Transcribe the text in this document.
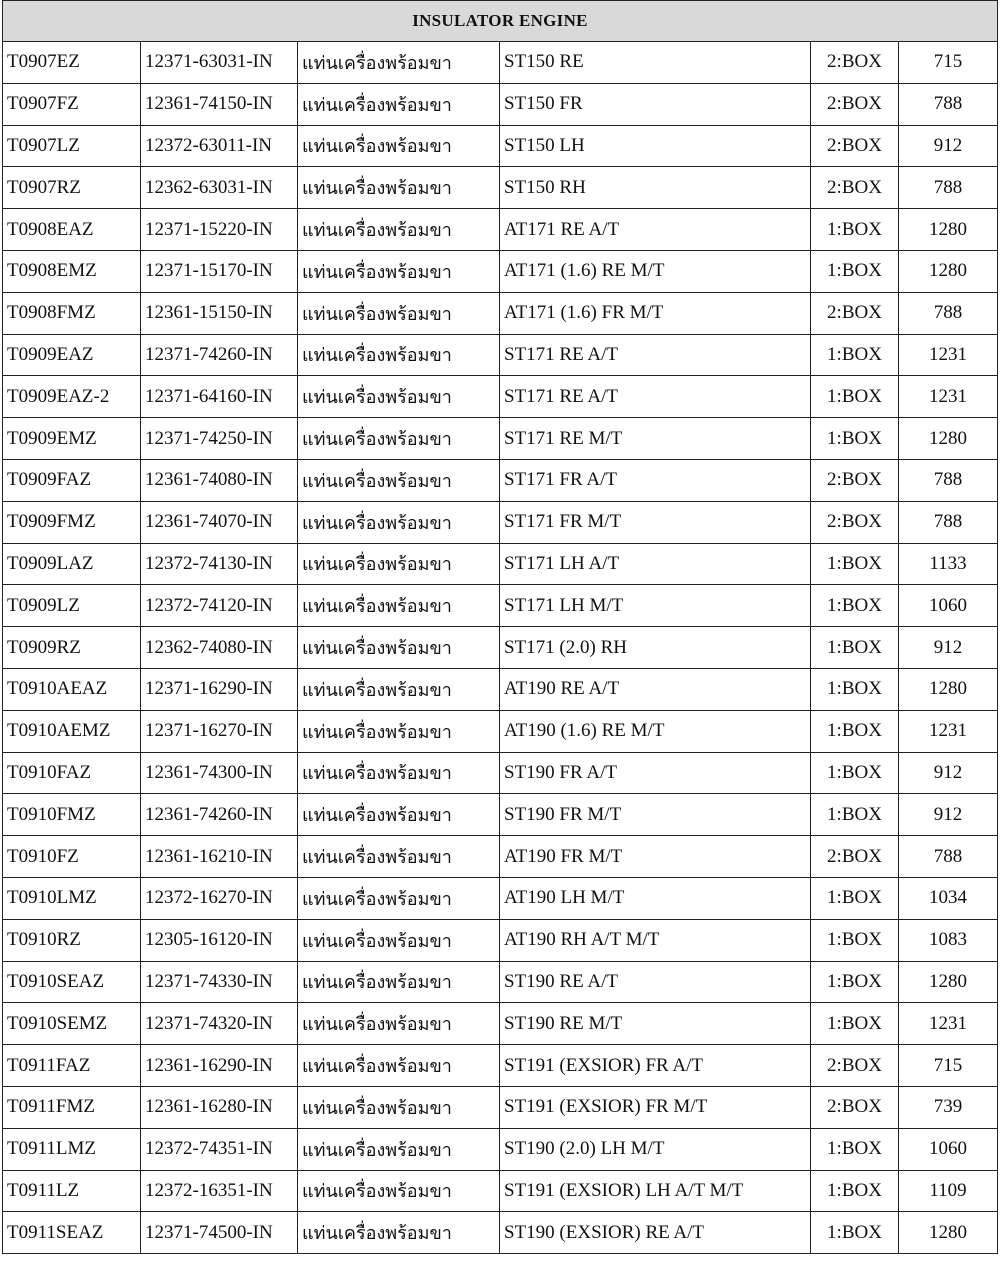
INSULATOR ENGINE					
T0907EZ	12371-63031-IN	แท่นเครื่องพร้อมขา	ST150 RE	2:BOX	715
T0907FZ	12361-74150-IN	แท่นเครื่องพร้อมขา	ST150 FR	2:BOX	788
T0907LZ	12372-63011-IN	แท่นเครื่องพร้อมขา	ST150 LH	2:BOX	912
T0907RZ	12362-63031-IN	แท่นเครื่องพร้อมขา	ST150 RH	2:BOX	788
T0908EAZ	12371-15220-IN	แท่นเครื่องพร้อมขา	AT171 RE A/T	1:BOX	1280
T0908EMZ	12371-15170-IN	แท่นเครื่องพร้อมขา	AT171 (1.6) RE M/T	1:BOX	1280
T0908FMZ	12361-15150-IN	แท่นเครื่องพร้อมขา	AT171 (1.6) FR M/T	2:BOX	788
T0909EAZ	12371-74260-IN	แท่นเครื่องพร้อมขา	ST171 RE A/T	1:BOX	1231
T0909EAZ-2	12371-64160-IN	แท่นเครื่องพร้อมขา	ST171 RE A/T	1:BOX	1231
T0909EMZ	12371-74250-IN	แท่นเครื่องพร้อมขา	ST171 RE M/T	1:BOX	1280
T0909FAZ	12361-74080-IN	แท่นเครื่องพร้อมขา	ST171 FR A/T	2:BOX	788
T0909FMZ	12361-74070-IN	แท่นเครื่องพร้อมขา	ST171 FR M/T	2:BOX	788
T0909LAZ	12372-74130-IN	แท่นเครื่องพร้อมขา	ST171 LH A/T	1:BOX	1133
T0909LZ	12372-74120-IN	แท่นเครื่องพร้อมขา	ST171 LH M/T	1:BOX	1060
T0909RZ	12362-74080-IN	แท่นเครื่องพร้อมขา	ST171 (2.0) RH	1:BOX	912
T0910AEAZ	12371-16290-IN	แท่นเครื่องพร้อมขา	AT190 RE A/T	1:BOX	1280
T0910AEMZ	12371-16270-IN	แท่นเครื่องพร้อมขา	AT190 (1.6) RE M/T	1:BOX	1231
T0910FAZ	12361-74300-IN	แท่นเครื่องพร้อมขา	ST190 FR A/T	1:BOX	912
T0910FMZ	12361-74260-IN	แท่นเครื่องพร้อมขา	ST190 FR M/T	1:BOX	912
T0910FZ	12361-16210-IN	แท่นเครื่องพร้อมขา	AT190 FR M/T	2:BOX	788
T0910LMZ	12372-16270-IN	แท่นเครื่องพร้อมขา	AT190 LH M/T	1:BOX	1034
T0910RZ	12305-16120-IN	แท่นเครื่องพร้อมขา	AT190 RH A/T M/T	1:BOX	1083
T0910SEAZ	12371-74330-IN	แท่นเครื่องพร้อมขา	ST190 RE A/T	1:BOX	1280
T0910SEMZ	12371-74320-IN	แท่นเครื่องพร้อมขา	ST190 RE M/T	1:BOX	1231
T0911FAZ	12361-16290-IN	แท่นเครื่องพร้อมขา	ST191 (EXSIOR) FR A/T	2:BOX	715
T0911FMZ	12361-16280-IN	แท่นเครื่องพร้อมขา	ST191 (EXSIOR) FR M/T	2:BOX	739
T0911LMZ	12372-74351-IN	แท่นเครื่องพร้อมขา	ST190 (2.0) LH M/T	1:BOX	1060
T0911LZ	12372-16351-IN	แท่นเครื่องพร้อมขา	ST191 (EXSIOR) LH A/T M/T	1:BOX	1109
T0911SEAZ	12371-74500-IN	แท่นเครื่องพร้อมขา	ST190 (EXSIOR) RE A/T	1:BOX	1280
